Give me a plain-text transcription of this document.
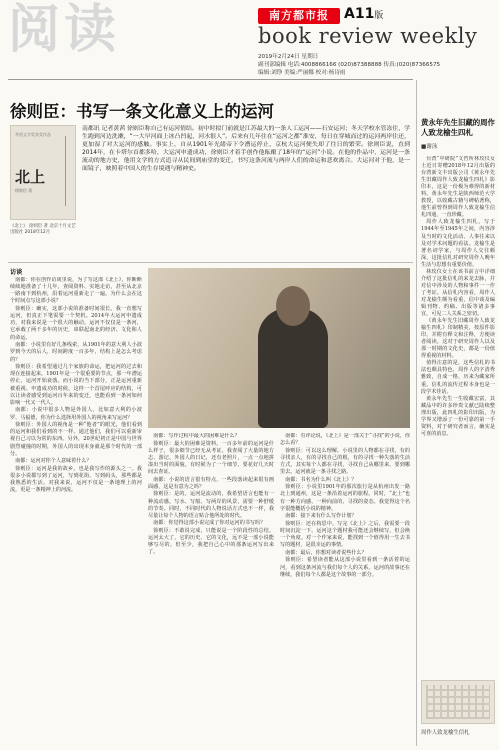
阅读	南方都市报	A11版
book review weekly
2019年2月24日 星期日
副刊部编辑 电话:4008866166 (020)87388888 传真:(020)87366575
编辑:刘铮 美编:严丽娜 校对:杨诗雨
徐则臣：书写一条文化意义上的运河
茅盾文学奖获奖作品
北上
徐则臣 著
《北上》 徐则臣 著 北京十月文艺出版社 2018年12月
南都讯 记者黄茜 徐则臣称自己有运河情结。初中时拟门前就是江苏最大的一条人工运河——石安运河；冬天学校水管冻住，学生跑到河边洗漱，“一大早河面上冰凸凹起，河水很人”。后来有几年住在“运河之都”淮安，每日在穿城而过的运河两岸往还，更加湿了对大运河的感触。事实上，自从1901年光绪帝下令漕运停止，京杭大运河便失却了往日的繁荣。徐则臣说，直到2014年，在卡塔尔首都多哈，大运河申遗成功，徐则臣才着手创作他酝酿了18年的“运河”小说。在他的作品中，运河是一条流动的地方史，他用文学的方式追寻从民间到庙堂的变迁，书写这条河流与两岸人们的命运和悲欢离合。大运河对于他，是一面镜子，映照着中国人的生存境遇与精神史。
访谈

南都：你在创作访谈里说，为了写这部《北上》，你断断续续地准备了十几年，查阅资料、实地走访，甚至从北京一路南下到杭州，沿着运河重新走了一遍。为什么会在这个时间点写这部小说？

徐则臣：确实，这部小说的准备时间很长。我一直想写运河，但真正下笔需要一个契机。2014年大运河申遗成功，对我来说是一个很大的触动。运河不仅仅是一条河，它承载了两千多年的历史，串联起南北的经济、文化和人的命运。

南都：小说里有好几条线索，从1901年的意大利人小波罗到今天的后人，时间跨度一百多年，结构上是怎么考虑的？

徐则臣：我希望通过几个家族的命运，把运河的过去和现在连接起来。1901年是一个很重要的节点，那一年漕运停止，运河开始衰落。而小说的当下部分，正是运河重新被重视、申遗成功的时候。这样一个首尾呼应的结构，可以让读者感受到运河百年来的变迁，也能看到一条河如何影响一代又一代人。

南都：小说中很多人物是外国人，比如意大利的小波罗、马福德，你为什么选择用外国人的视角来写运河？

徐则臣：外国人的视角是一种“他者”的眼光，他们看到的运河和我们看到的不一样。通过他们，我们可以重新审视自己习以为常的东西。另外，20世纪初正是中国与世界剧烈碰撞的时期，外国人的出现本身就是那个时代的一部分。

南都：运河对你个人意味着什么？

徐则臣：运河是我的故乡，也是我写作的源头之一。我很多小说都写到了运河，写到花街、写到码头，那些都是我熟悉的生活。对我来说，运河不仅是一条地理上的河流，更是一条精神上的河流。

南都：写作过程中最大的困难是什么？

徐则臣：最大的困难是资料。一百多年前的运河是什么样子，很多细节已经无从考证。我查阅了大量的地方志、游记、外国人的日记，还有老照片，一点一点地拼凑出当时的面貌。有时候为了一个细节，要花好几天时间去查证。

南都：小说的语言很有特点，一些段落读起来很有画面感，这是有意为之吗？

徐则臣：是的。运河是流动的，我希望语言也能有一种流动感。写水、写船、写两岸的风景，需要一种舒缓的节奏。同时，不同时代的人物说话方式也不一样，我尽量让每个人物的语言贴合他所处的时代。

南都：你觉得这部小说完成了你对运河的书写吗？

徐则臣：不敢说完成，只能说是一个阶段性的总结。运河太大了，它的历史、它的文化，远不是一部小说能够写尽的。但至少，我把自己心中的那条运河写出来了。

南都：有评论说，《北上》是一部关于“寻找”的小说，你怎么看？

徐则臣：可以这么理解。小说里的人物都在寻找，有的寻找亲人，有的寻找自己的根，有的寻找一种失落的生活方式。其实每个人都在寻找，寻找自己从哪里来、要到哪里去。运河就是一条寻找之路。

南都：书名为什么叫《北上》？

徐则臣：小说里1901年的那次旅行是从杭州出发一路北上到通州，这是一条沿着运河的旅程。同时，“北上”也有一种方向感，一种向前的、寻找的姿态。我觉得这个名字很能概括小说的精神。

南都：接下来有什么写作计划？

徐则臣：还在构思中。写完《北上》之后，我需要一段时间沉淀一下。运河这个题材我可能还会继续写，但会换一个角度。对一个作家来说，能找到一个值得用一生去书写的题材，是很幸运的事情。

南都：最后，你想对读者说些什么？

徐则臣：希望读者能从这部小说里看到一条活着的运河，看到这条河流与我们每个人的关系。运河的故事还在继续，我们每个人都是这个故事的一部分。

黄永年先生旧藏的周作人致龙榆生四札
■谢泳

台湾“中研院”文哲所林玫仪女士近日寄赠2018年12月出版的台湾新文丰出版公司《黄永年先生旧藏周作人致龙榆生四札》影印本，这是一份极为难得的新材料。黄永年先生是陕西师范大学教授，以收藏古籍与碑帖著称，他生前曾得到周作人致龙榆生信札四通，一直珍藏。

周作人致龙榆生四札，写于1944年至1945年之间，内容涉及当时的文化活动、人事往来以及对学术问题的看法。龙榆生是著名词学家，与周作人交往颇深，这批信札对研究周作人晚年生活与思想有重要价值。

林玫仪女士在该书前言中详细介绍了这批信札的来龙去脉，并对信中涉及的人物和事件一一作了考证。从信札内容看，周作人对龙榆生颇为看重，信中谈及编辑刊物、约稿、出版等诸多事宜，可见二人关系之密切。

《黄永年先生旧藏周作人致龙榆生四札》印制精美，按原件影印，并附有释文和注释，方便读者阅读。这对于研究周作人以及那一时期的文化史，都是一份值得重视的材料。

值得注意的是，这些信札的书法也颇具特色，周作人的字清秀雅致，自成一格，历来为藏家所重。信札的流传过程本身也是一段学术佳话。

黄永年先生一生收藏宏富，其藏品中的许多珍贵文献已陆续整理出版，此四札的影印出版，为学界又增添了一份可靠的第一手资料，对于研究者而言，确实是可喜的消息。

周作人致龙榆生信札
